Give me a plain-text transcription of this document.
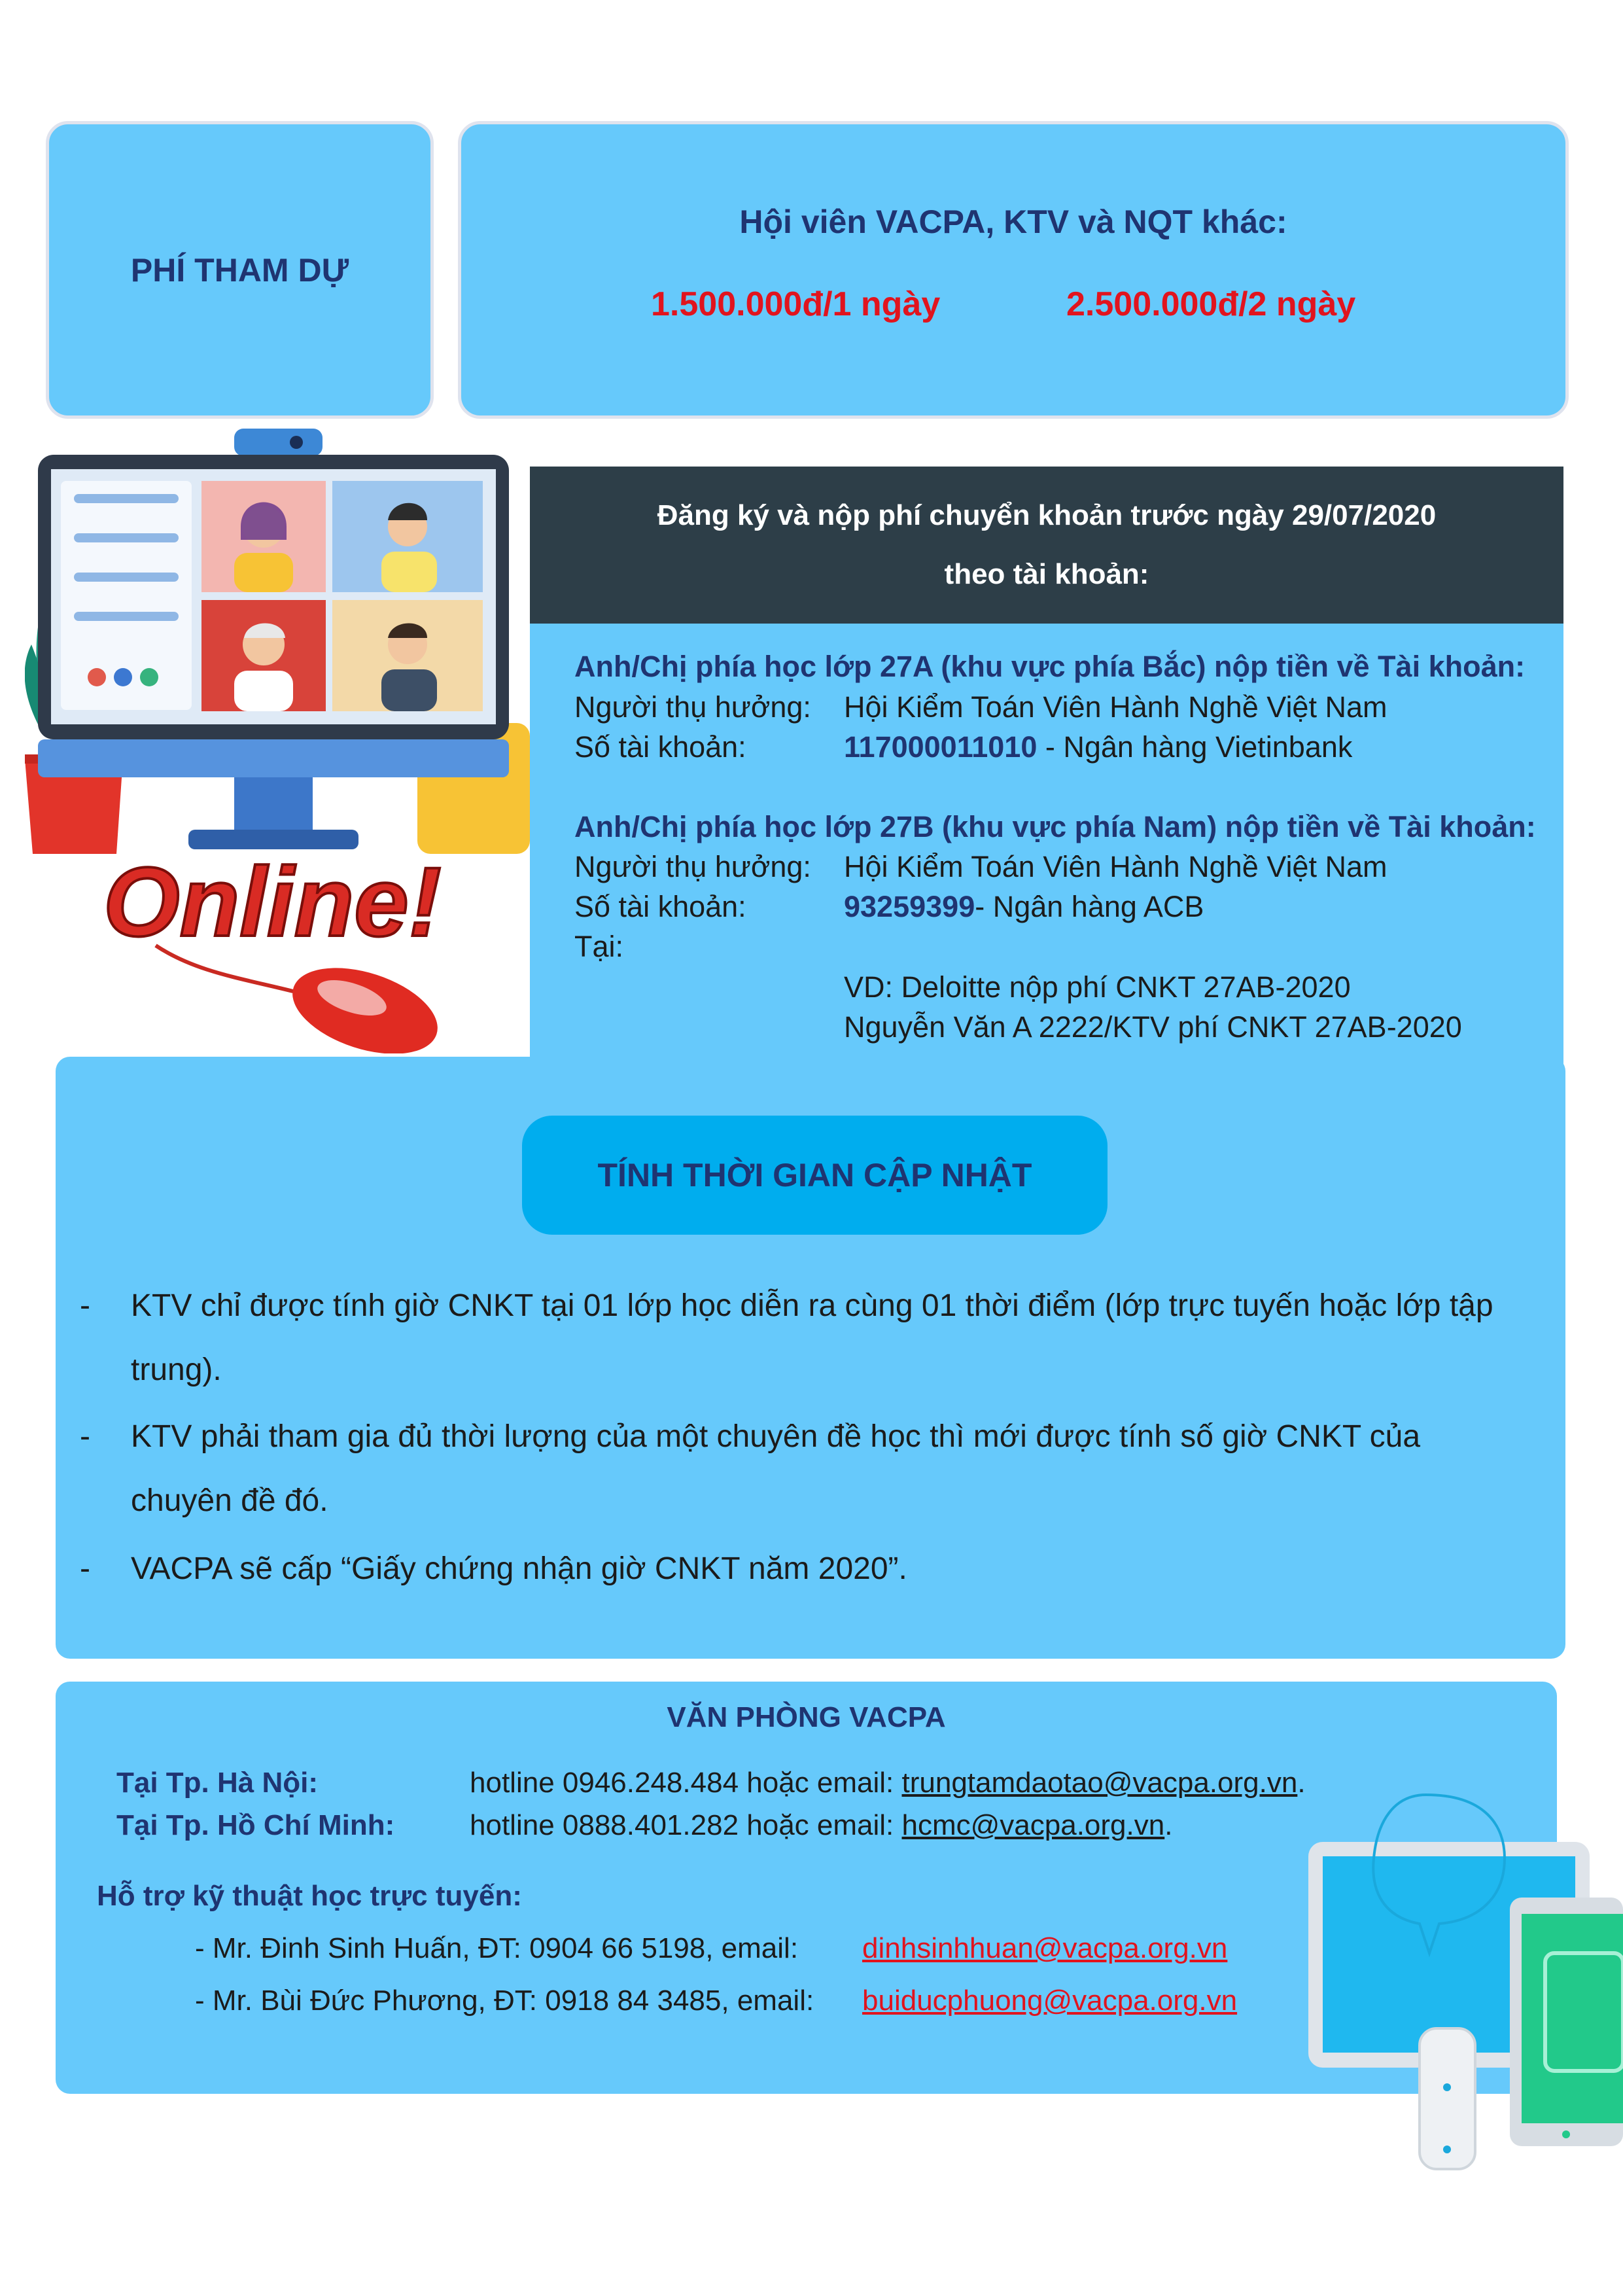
PHÍ THAM DỰ
Hội viên VACPA, KTV và NQT khác:
1.500.000đ/1 ngày	2.500.000đ/2 ngày
Online!
Đăng ký và nộp phí chuyển khoản trước ngày 29/07/2020
theo tài khoản:
Anh/Chị phía học lớp 27A (khu vực phía Bắc) nộp tiền về Tài khoản:
Người thụ hưởng: Hội Kiểm Toán Viên Hành Nghề Việt Nam
Số tài khoản:	117000011010 - Ngân hàng Vietinbank
Anh/Chị phía học lớp 27B (khu vực phía Nam) nộp tiền về Tài khoản:
Người thụ hưởng: Hội Kiểm Toán Viên Hành Nghề Việt Nam
Số tài khoản:	93259399- Ngân hàng ACB
Tại:
VD: Deloitte nộp phí CNKT 27AB-2020
Nguyễn Văn A 2222/KTV phí CNKT 27AB-2020
TÍNH THỜI GIAN CẬP NHẬT
- KTV chỉ được tính giờ CNKT tại 01 lớp học diễn ra cùng 01 thời điểm (lớp trực tuyến hoặc lớp tập
trung).
- KTV phải tham gia đủ thời lượng của một chuyên đề học thì mới được tính số giờ CNKT của
chuyên đề đó.
- VACPA sẽ cấp “Giấy chứng nhận giờ CNKT năm 2020”.
VĂN PHÒNG VACPA
Tại Tp. Hà Nội:	hotline 0946.248.484 hoặc email: trungtamdaotao@vacpa.org.vn.
Tại Tp. Hồ Chí Minh:	hotline 0888.401.282 hoặc email: hcmc@vacpa.org.vn.
Hỗ trợ kỹ thuật học trực tuyến:
- Mr. Đinh Sinh Huấn, ĐT: 0904 66 5198, email: dinhsinhhuan@vacpa.org.vn
- Mr. Bùi Đức Phương, ĐT: 0918 84 3485, email: buiducphuong@vacpa.org.vn
